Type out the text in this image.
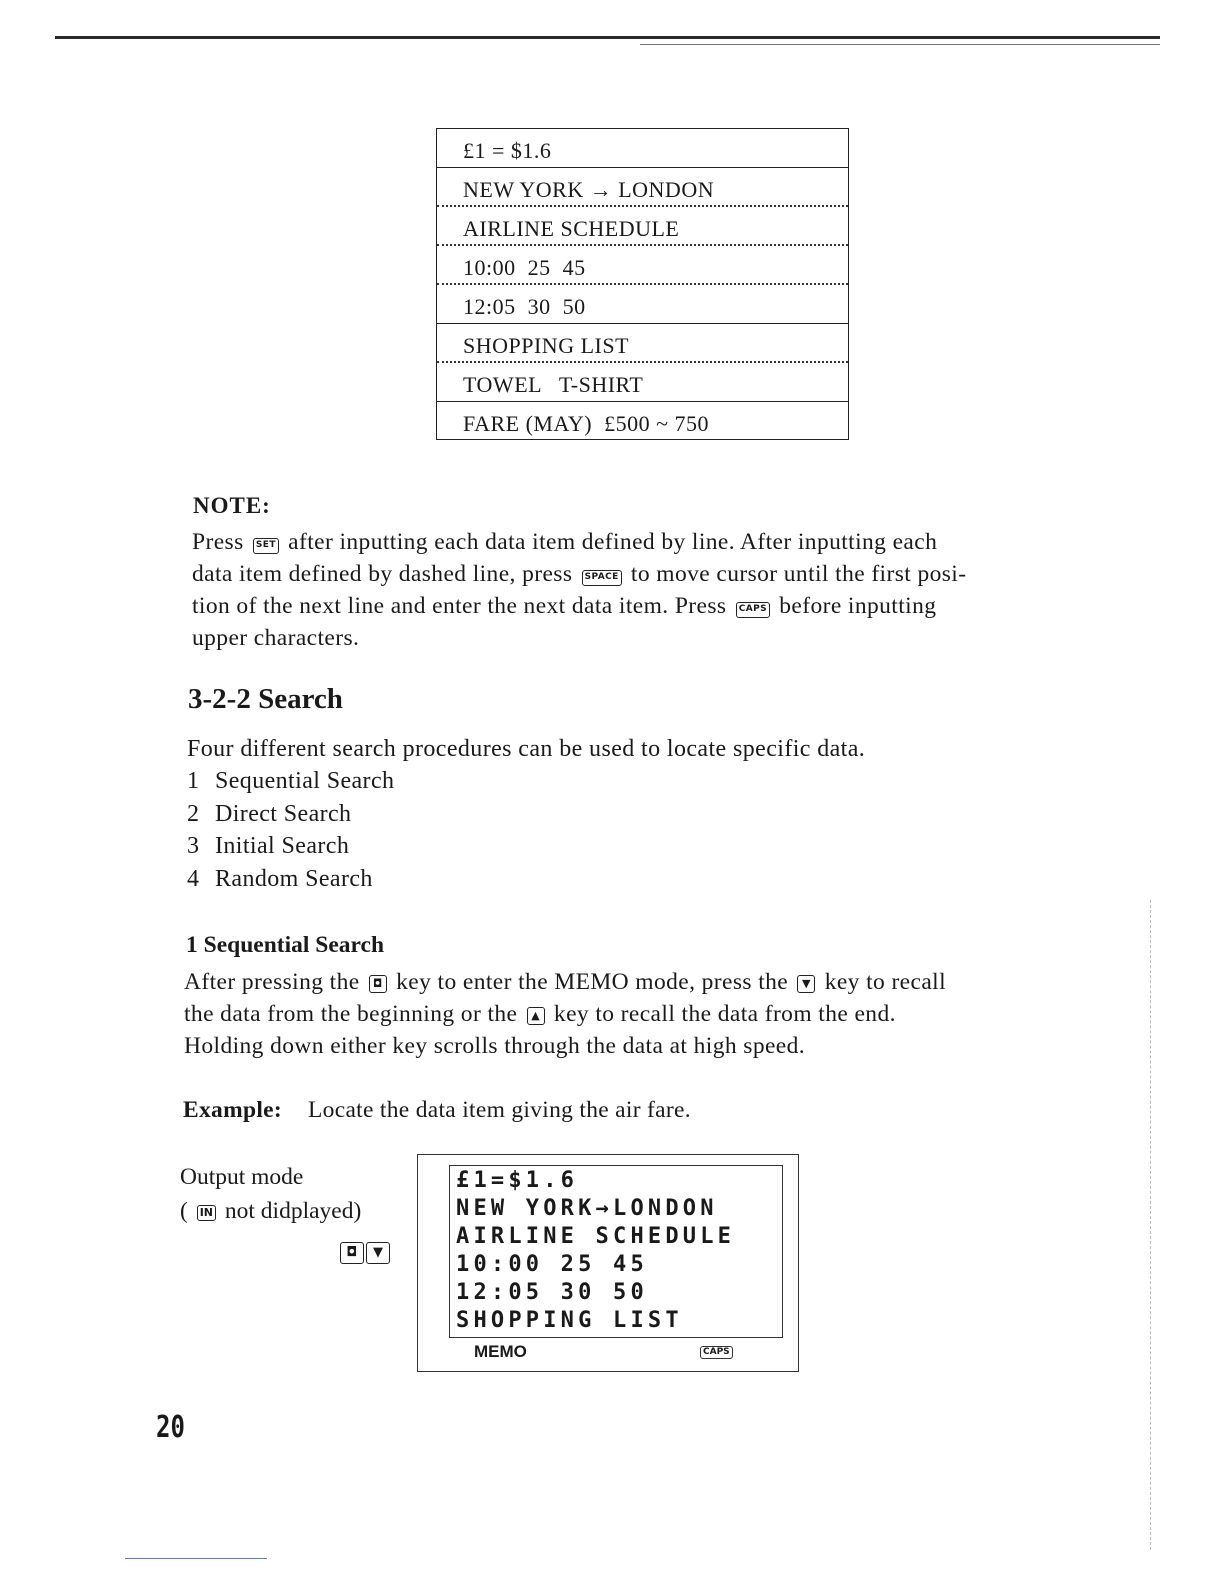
£1 = $1.6
NEW YORK → LONDON
AIRLINE SCHEDULE
10:00  25  45
12:05  30  50
SHOPPING LIST
TOWEL   T-SHIRT
FARE (MAY)  £500 ~ 750
NOTE:

Press SET after inputting each data item defined by line. After inputting each

data item defined by dashed line, press SPACE to move cursor until the first posi-

tion of the next line and enter the next data item. Press CAPS before inputting

upper characters.

3-2-2 Search
Four different search procedures can be used to locate specific data.
1 Sequential Search
2 Direct Search
3 Initial Search
4 Random Search
1 Sequential Search

After pressing the ◘ key to enter the MEMO mode, press the ▼ key to recall

the data from the beginning or the ▲ key to recall the data from the end.

Holding down either key scrolls through the data at high speed.

Example: Locate the data item giving the air fare.
Output mode
( IN not didplayed)
◘ ▼
£1=$1.6
NEW YORK→LONDON
AIRLINE SCHEDULE
10:00 25 45
12:05 30 50
SHOPPING LIST
MEMO	CAPS
20
